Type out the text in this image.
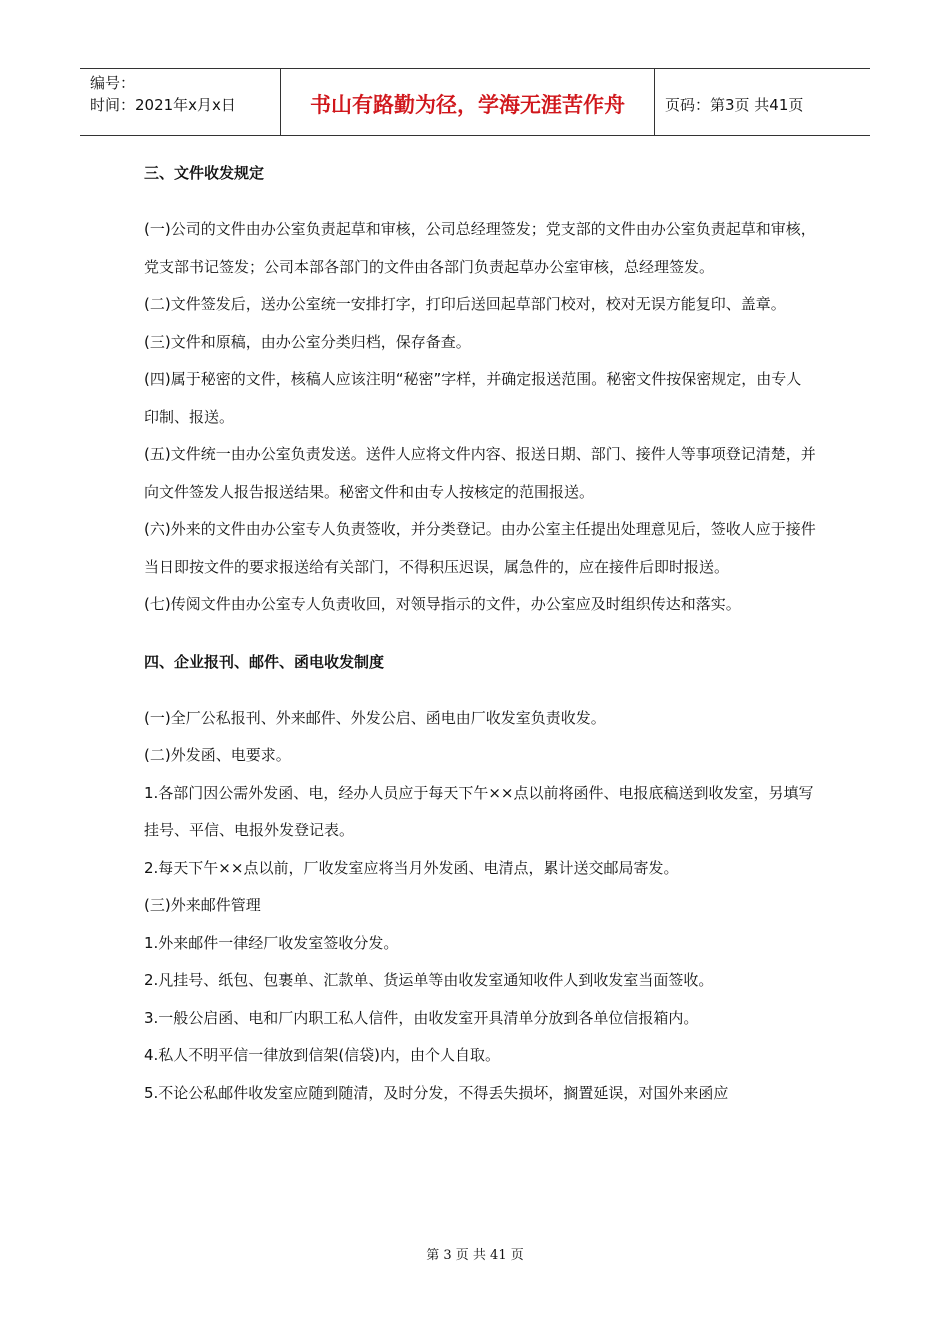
编号：
时间：2021年x月x日	书山有路勤为径，学海无涯苦作舟	页码：第3页 共41页
三、文件收发规定

(一)公司的文件由办公室负责起草和审核，公司总经理签发；党支部的文件由办公室负责起草和审核，党支部书记签发；公司本部各部门的文件由各部门负责起草办公室审核，总经理签发。

(二)文件签发后，送办公室统一安排打字，打印后送回起草部门校对，校对无误方能复印、盖章。

(三)文件和原稿，由办公室分类归档，保存备查。

(四)属于秘密的文件，核稿人应该注明“秘密”字样，并确定报送范围。秘密文件按保密规定，由专人印制、报送。

(五)文件统一由办公室负责发送。送件人应将文件内容、报送日期、部门、接件人等事项登记清楚，并向文件签发人报告报送结果。秘密文件和由专人按核定的范围报送。

(六)外来的文件由办公室专人负责签收，并分类登记。由办公室主任提出处理意见后，签收人应于接件当日即按文件的要求报送给有关部门，不得积压迟误，属急件的，应在接件后即时报送。

(七)传阅文件由办公室专人负责收回，对领导指示的文件，办公室应及时组织传达和落实。

四、企业报刊、邮件、函电收发制度

(一)全厂公私报刊、外来邮件、外发公启、函电由厂收发室负责收发。

(二)外发函、电要求。

1.各部门因公需外发函、电，经办人员应于每天下午××点以前将函件、电报底稿送到收发室，另填写挂号、平信、电报外发登记表。

2.每天下午××点以前，厂收发室应将当月外发函、电清点，累计送交邮局寄发。

(三)外来邮件管理

1.外来邮件一律经厂收发室签收分发。

2.凡挂号、纸包、包裹单、汇款单、货运单等由收发室通知收件人到收发室当面签收。

3.一般公启函、电和厂内职工私人信件，由收发室开具清单分放到各单位信报箱内。

4.私人不明平信一律放到信架(信袋)内，由个人自取。

5.不论公私邮件收发室应随到随清，及时分发，不得丢失损坏，搁置延误，对国外来函应

第 3 页 共 41 页
